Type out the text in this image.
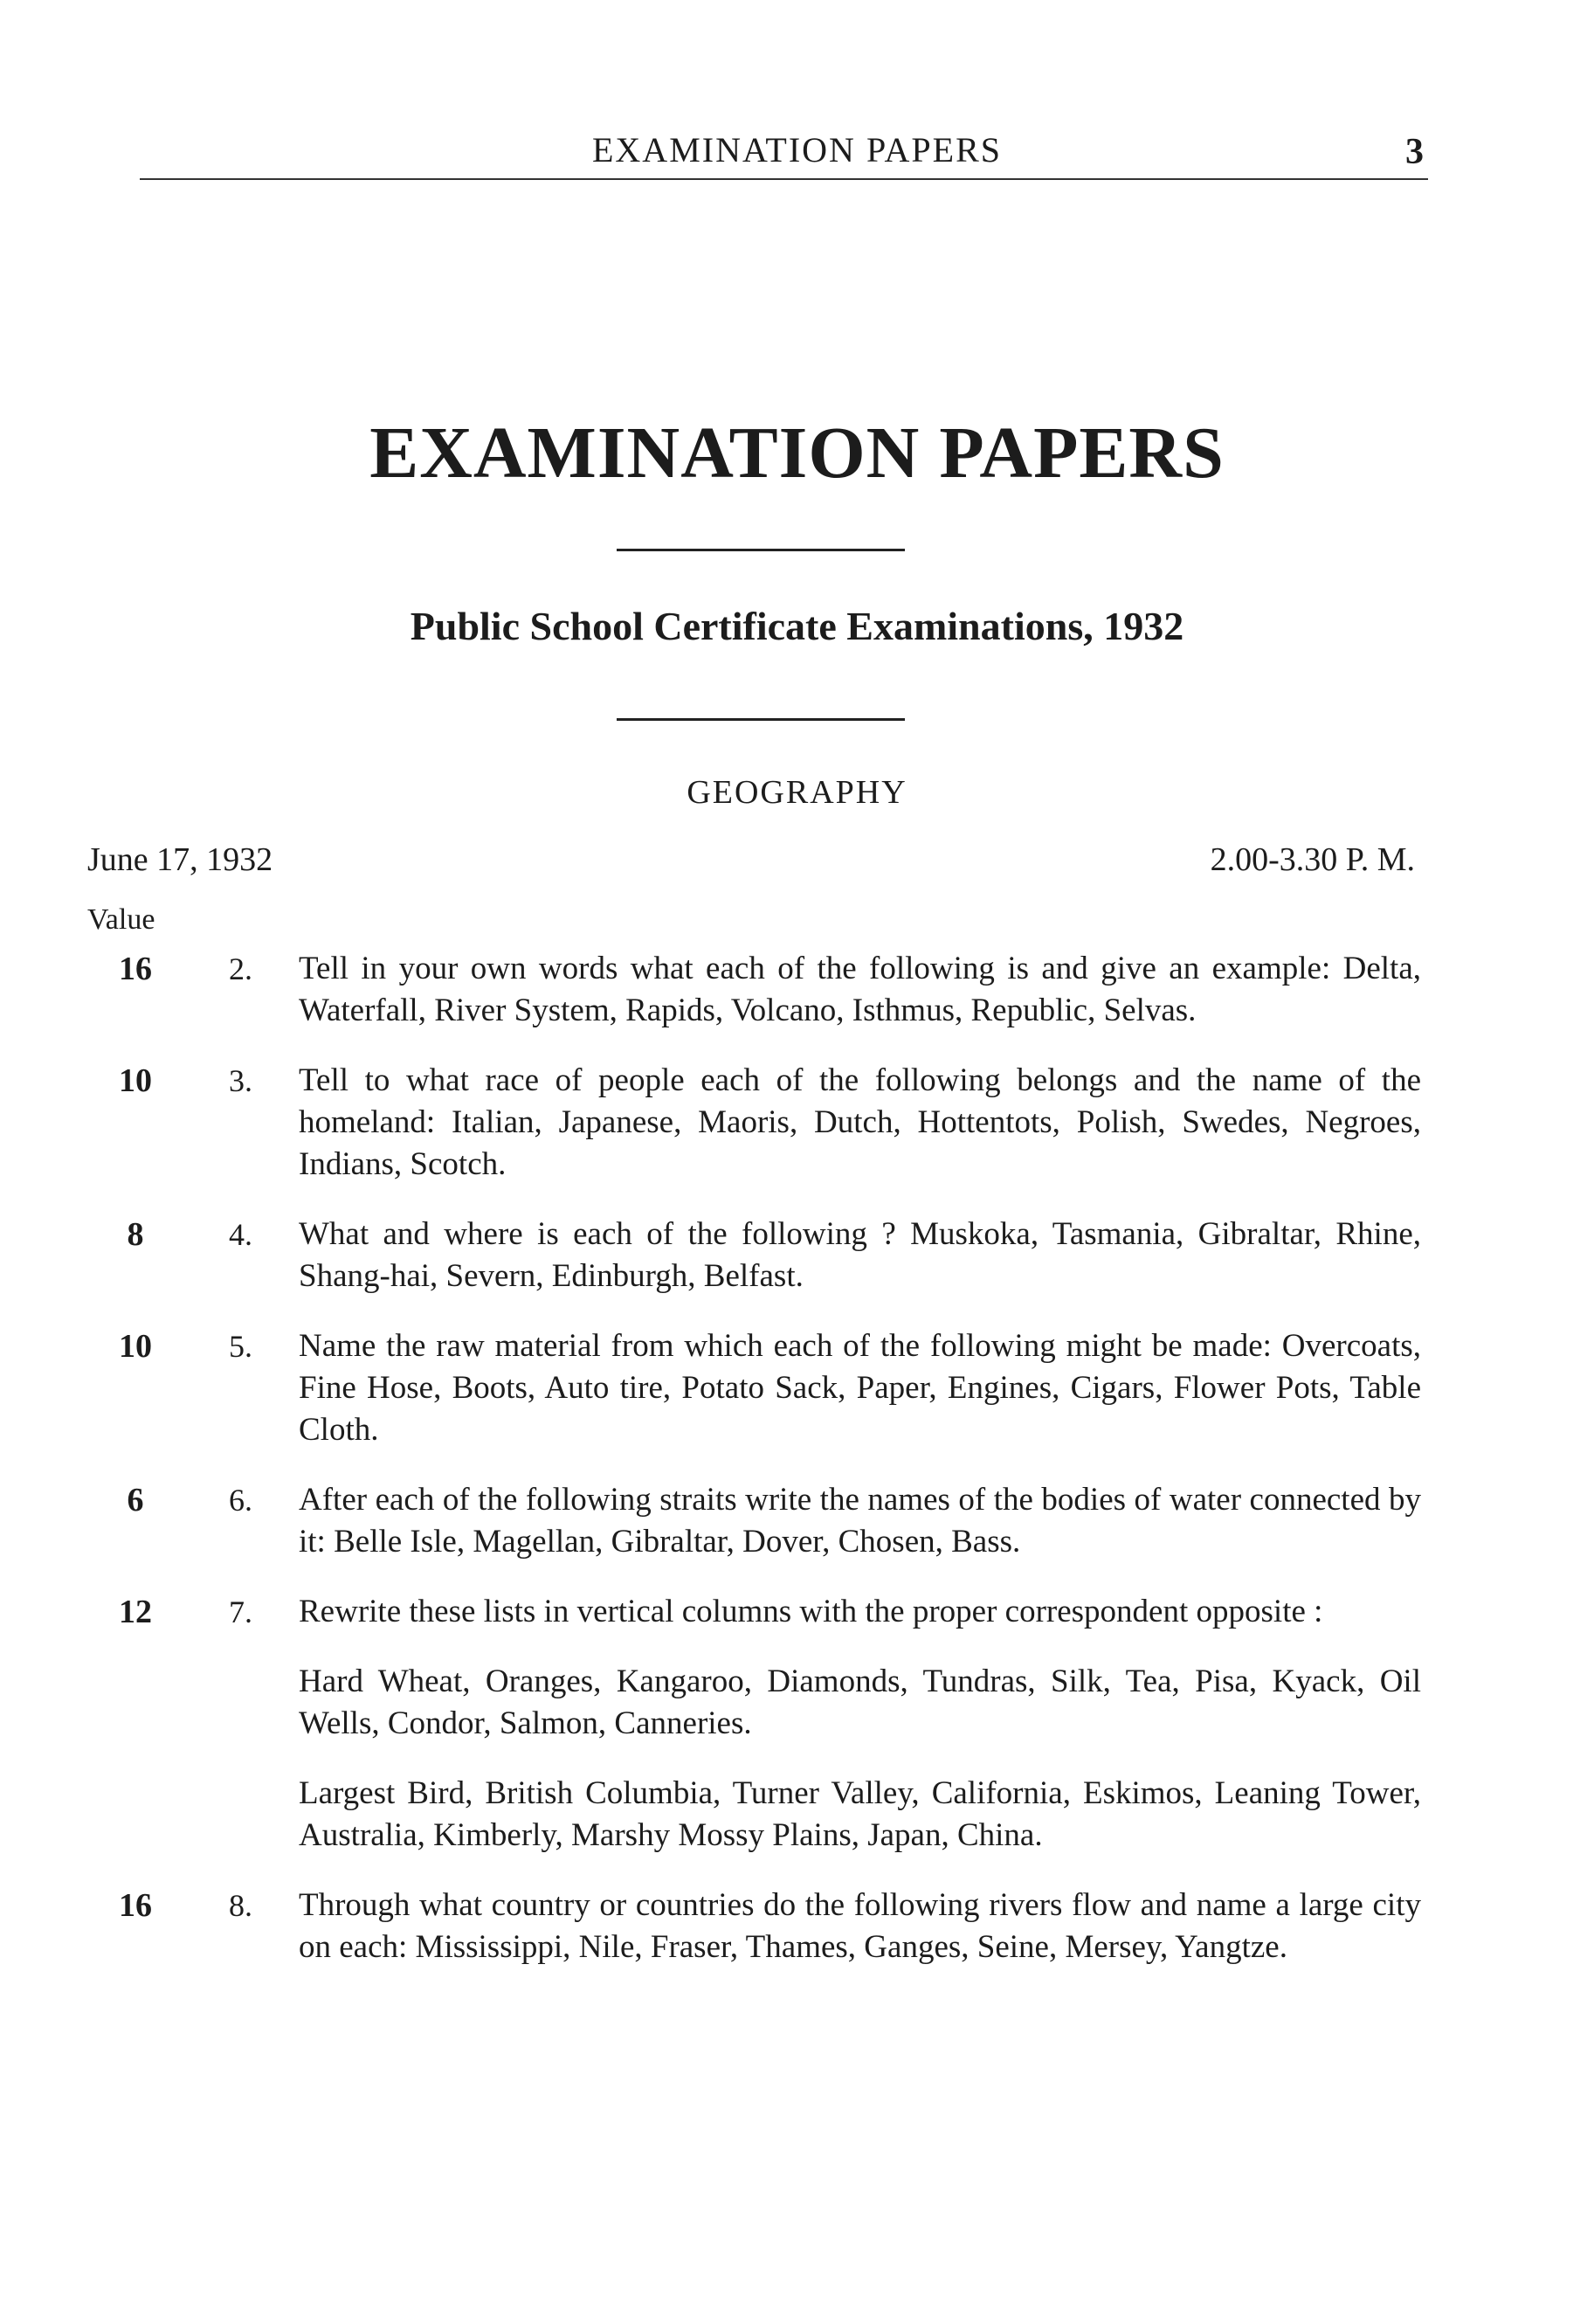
EXAMINATION PAPERS	3
EXAMINATION PAPERS
Public School Certificate Examinations, 1932
GEOGRAPHY
June 17, 1932	2.00-3.30 P. M.
Value
16	2. Tell in your own words what each of the following is and give an example: Delta, Waterfall, River System, Rapids, Volcano, Isthmus, Republic, Selvas.

10	3. Tell to what race of people each of the following belongs and the name of the homeland: Italian, Japanese, Maoris, Dutch, Hottentots, Polish, Swedes, Negroes, Indians, Scotch.

8	4. What and where is each of the following ? Muskoka, Tasmania, Gibraltar, Rhine, Shang-hai, Severn, Edinburgh, Belfast.

10	5. Name the raw material from which each of the following might be made: Overcoats, Fine Hose, Boots, Auto tire, Potato Sack, Paper, Engines, Cigars, Flower Pots, Table Cloth.

6	6. After each of the following straits write the names of the bodies of water connected by it: Belle Isle, Magellan, Gibraltar, Dover, Chosen, Bass.

12	7. Rewrite these lists in vertical columns with the proper correspondent opposite :

Hard Wheat, Oranges, Kangaroo, Diamonds, Tundras, Silk, Tea, Pisa, Kyack, Oil Wells, Condor, Salmon, Canneries.

Largest Bird, British Columbia, Turner Valley, California, Eskimos, Leaning Tower, Australia, Kimberly, Marshy Mossy Plains, Japan, China.

16	8. Through what country or countries do the following rivers flow and name a large city on each: Mississippi, Nile, Fraser, Thames, Ganges, Seine, Mersey, Yangtze.
